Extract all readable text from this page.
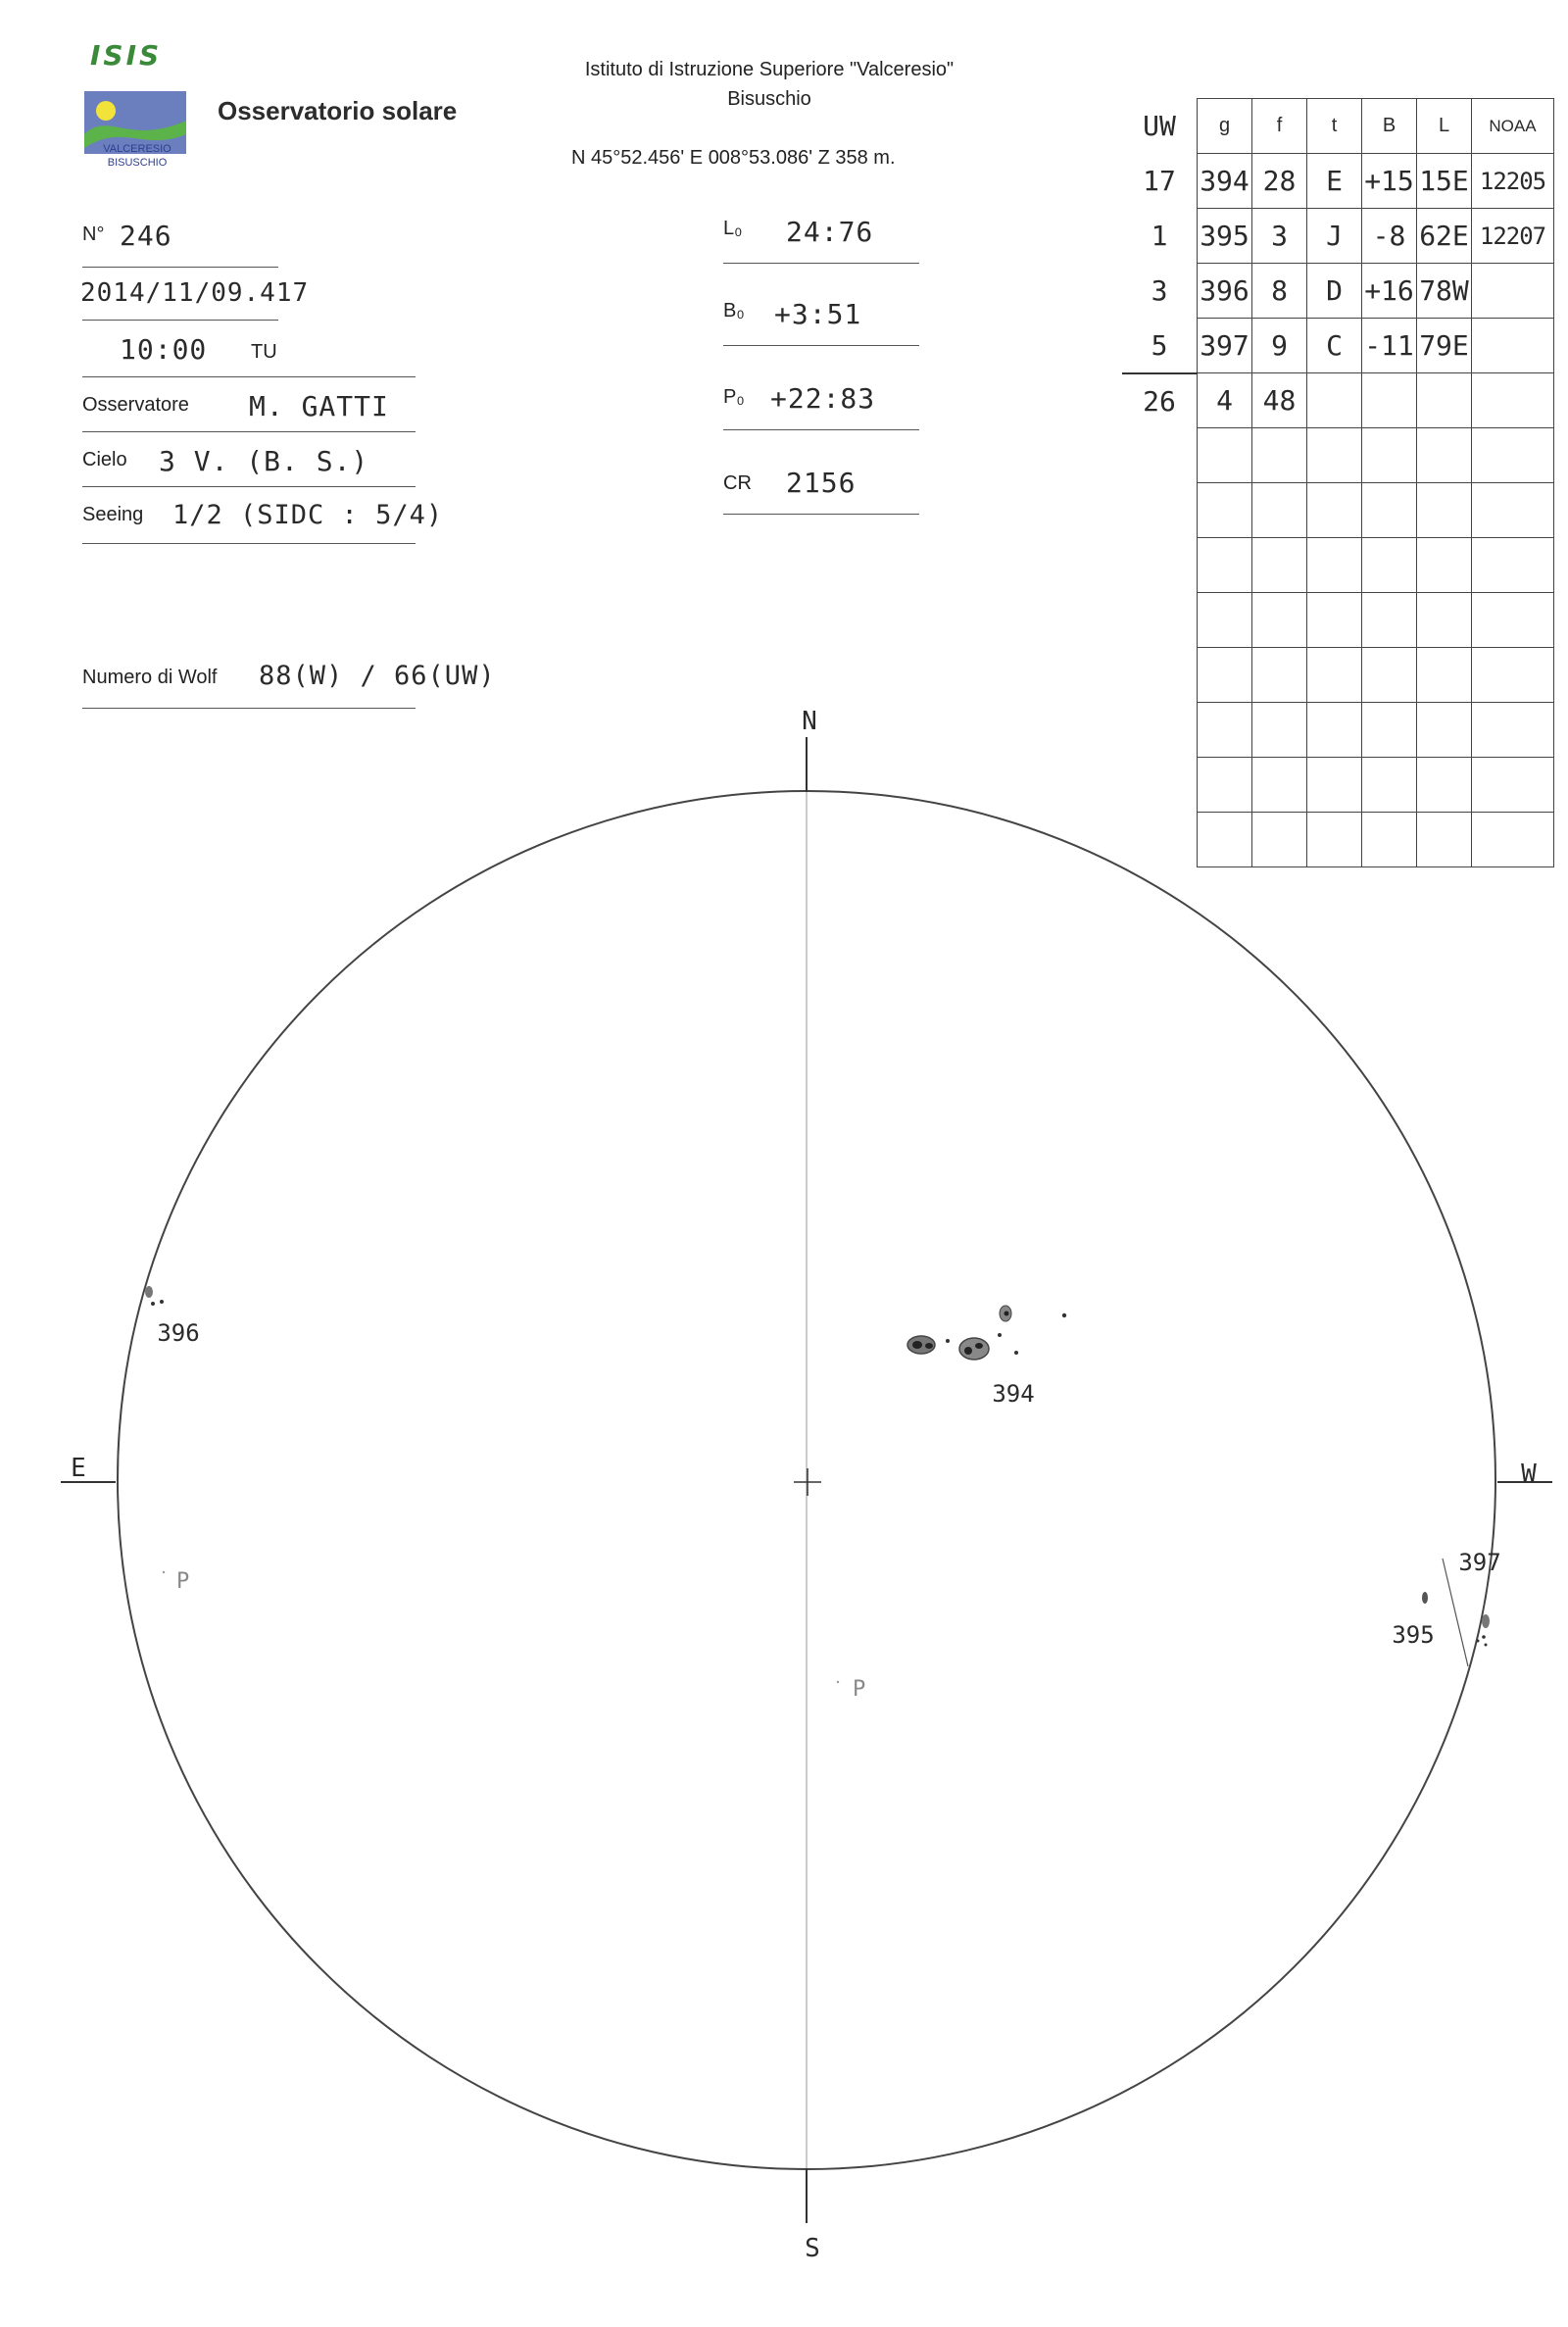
ISIS
VALCERESIO
BISUSCHIO
Osservatorio solare
Istituto di Istruzione Superiore "Valceresio"
Bisuschio
N 45°52.456' E 008°53.086' Z 358 m.
N° 246
2014/11/09.417
10:00 TU
Osservatore M. GATTI
Cielo 3 V. (B. S.)
Seeing 1/2 (SIDC : 5/4)
Numero di Wolf 88(W) / 66(UW)
L₀ 24:76
B₀ +3:51
P₀ +22:83
CR 2156
UW	g	f	t	B	L	NOAA
17	394	28	E	+15	15E	12205
1	395	3	J	-8	62E	12207
3	396	8	D	+16	78W	
5	397	9	C	-11	79E	
26	4	48				

N
S
E	W
394
396
395
397
P
P
